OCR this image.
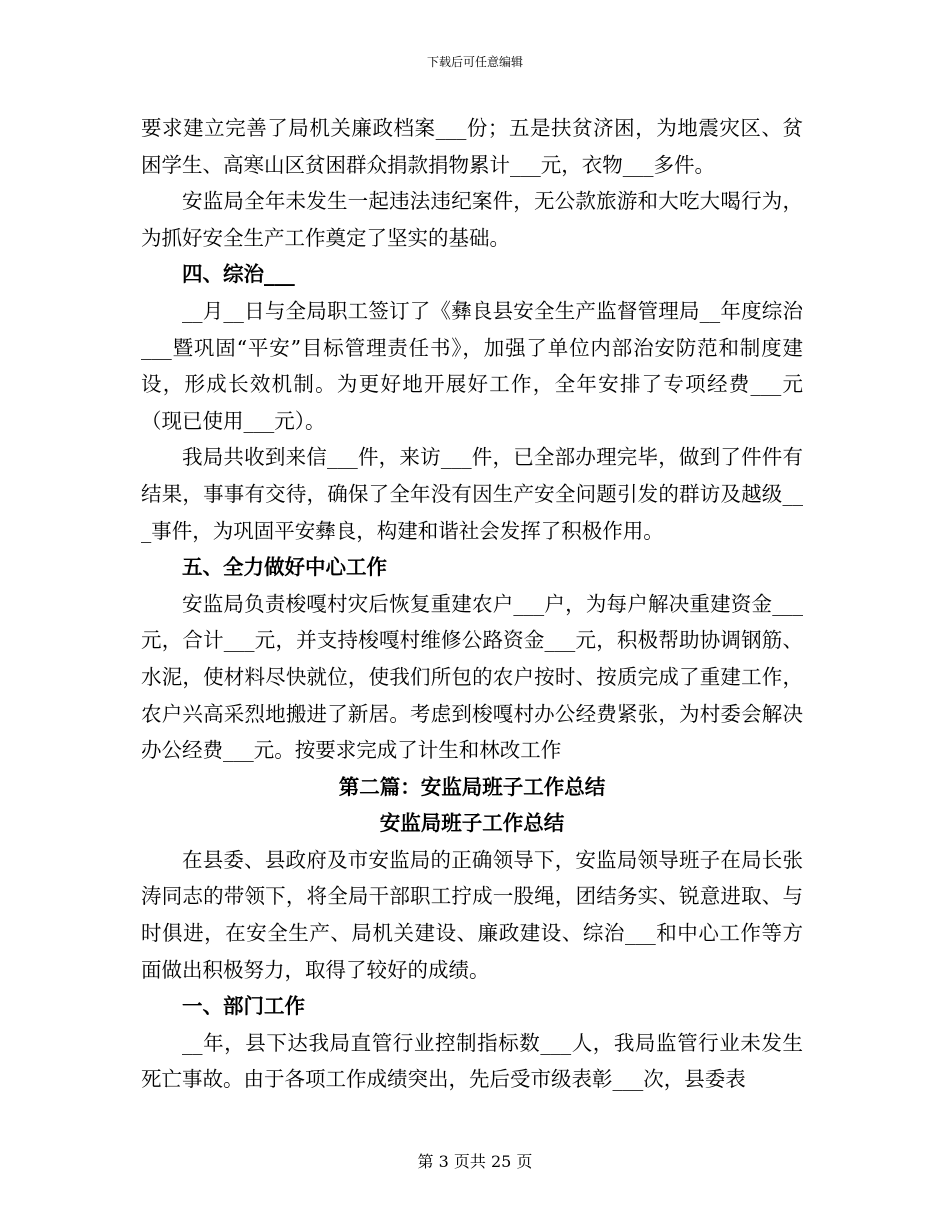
下载后可任意编辑

要求建立完善了局机关廉政档案___份；五是扶贫济困，为地震灾区、贫困学生、高寒山区贫困群众捐款捐物累计___元，衣物___多件。

安监局全年未发生一起违法违纪案件，无公款旅游和大吃大喝行为，为抓好安全生产工作奠定了坚实的基础。

四、综治___

__月__日与全局职工签订了《彝良县安全生产监督管理局__年度综治___暨巩固“平安”目标管理责任书》，加强了单位内部治安防范和制度建设，形成长效机制。为更好地开展好工作，全年安排了专项经费___元（现已使用___元）。

我局共收到来信___件，来访___件，已全部办理完毕，做到了件件有结果，事事有交待，确保了全年没有因生产安全问题引发的群访及越级___事件，为巩固平安彝良，构建和谐社会发挥了积极作用。

五、全力做好中心工作

安监局负责梭嘎村灾后恢复重建农户___户，为每户解决重建资金___元，合计___元，并支持梭嘎村维修公路资金___元，积极帮助协调钢筋、水泥，使材料尽快就位，使我们所包的农户按时、按质完成了重建工作，农户兴高采烈地搬进了新居。考虑到梭嘎村办公经费紧张，为村委会解决办公经费___元。按要求完成了计生和林改工作

第二篇：安监局班子工作总结

安监局班子工作总结

在县委、县政府及市安监局的正确领导下，安监局领导班子在局长张涛同志的带领下，将全局干部职工拧成一股绳，团结务实、锐意进取、与时俱进，在安全生产、局机关建设、廉政建设、综治___和中心工作等方面做出积极努力，取得了较好的成绩。

一、部门工作

__年，县下达我局直管行业控制指标数___人，我局监管行业未发生死亡事故。由于各项工作成绩突出，先后受市级表彰___次，县委表

第 3 页共 25 页
